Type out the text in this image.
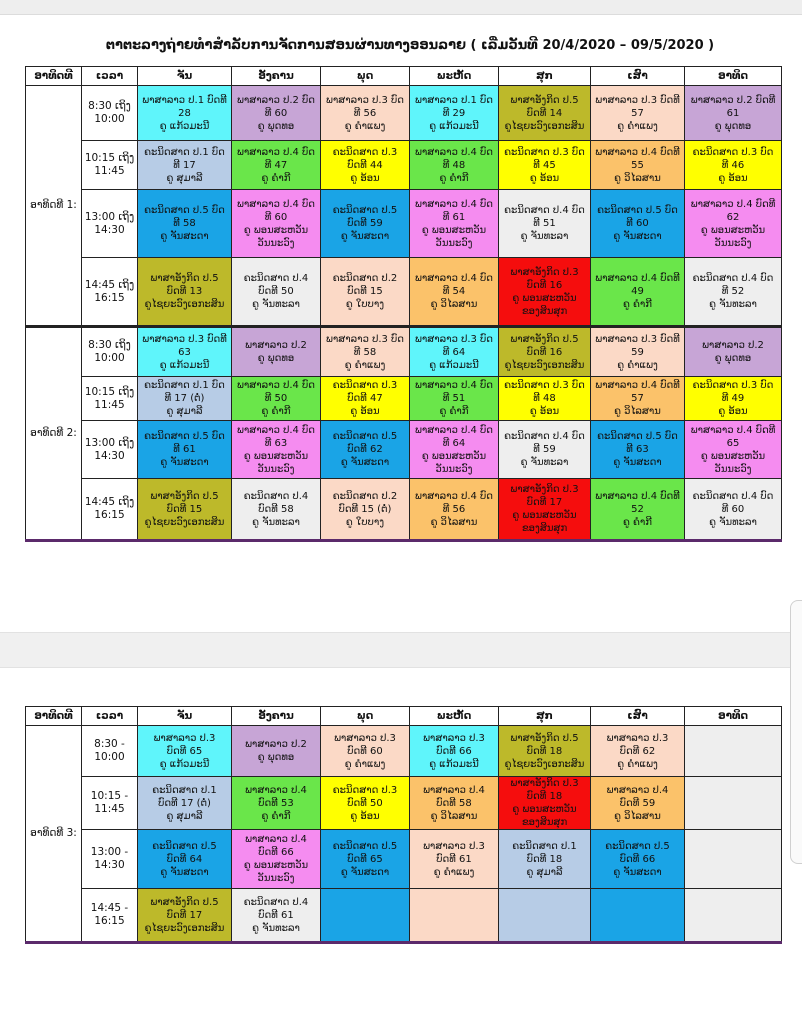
ຕາຕະລາງຖ່າຍທຳສຳລັບການຈັດການສອນຜ່ານທາງອອນລາຍ ( ເລີ່ມວັນທີ 20/4/2020 – 09/5/2020 )
ອາທິດທີ	ເວລາ	ຈັນ	ອັງຄານ	ພຸດ	ພະຫັດ	ສຸກ	ເສົາ	ອາທິດ
ອາທິດທີ 1:	8:30 ເຖິງ 10:00	ພາສາລາວ ປ.1 ບົດທີ
28
ຄູ ແກ້ວມະນີ	ພາສາລາວ ປ.2 ບົດ
ທີ 60
ຄູ ພຸດທອ	ພາສາລາວ ປ.3 ບົດ
ທີ 56
ຄູ ຄຳແພງ	ພາສາລາວ ປ.1 ບົດ
ທີ 29
ຄູ ແກ້ວມະນີ	ພາສາອັງກິດ ປ.5
ບົດທີ 14
ຄູໄຊຍະວົງເອກະສິນ	ພາສາລາວ ປ.3 ບົດທີ
57
ຄູ ຄຳແພງ	ພາສາລາວ ປ.2 ບົດທີ
61
ຄູ ພຸດທອ

	10:15 ເຖິງ 11:45	ຄະນິດສາດ ປ.1 ບົດ
ທີ 17
ຄູ ສຸມາລີ	ພາສາລາວ ປ.4 ບົດ
ທີ 47
ຄູ ຄຳກີ	ຄະນິດສາດ ປ.3
ບົດທີ 44
ຄູ ອ້ອນ	ພາສາລາວ ປ.4 ບົດ
ທີ 48
ຄູ ຄຳກີ	ຄະນິດສາດ ປ.3 ບົດ
ທີ 45
ຄູ ອ້ອນ	ພາສາລາວ ປ.4 ບົດທີ
55
ຄູ ວິໄລສານ	ຄະນິດສາດ ປ.3 ບົດ
ທີ 46
ຄູ ອ້ອນ

	13:00 ເຖິງ 14:30	ຄະນິດສາດ ປ.5 ບົດ
ທີ 58
ຄູ ຈັນສະດາ	ພາສາລາວ ປ.4 ບົດ
ທີ 60
ຄູ ພອນສະຫວັນ
ວັນນະວົງ	ຄະນິດສາດ ປ.5
ບົດທີ 59
ຄູ ຈັນສະດາ	ພາສາລາວ ປ.4 ບົດ
ທີ 61
ຄູ ພອນສະຫວັນ
ວັນນະວົງ	ຄະນິດສາດ ປ.4 ບົດ
ທີ 51
ຄູ ຈັນທະລາ	ຄະນິດສາດ ປ.5 ບົດ
ທີ 60
ຄູ ຈັນສະດາ	ພາສາລາວ ປ.4 ບົດທີ
62
ຄູ ພອນສະຫວັນ
ວັນນະວົງ

	14:45 ເຖິງ 16:15	ພາສາອັງກິດ ປ.5
ບົດທີ 13
ຄູໄຊຍະວົງເອກະສິນ	ຄະນິດສາດ ປ.4
ບົດທີ 50
ຄູ ຈັນທະລາ	ຄະນິດສາດ ປ.2
ບົດທີ 15
ຄູ ໃບບາງ	ພາສາລາວ ປ.4 ບົດ
ທີ 54
ຄູ ວິໄລສານ	ພາສາອັງກິດ ປ.3
ບົດທີ 16
ຄູ ພອນສະຫວັນ
ຂອງສິນສຸກ	ພາສາລາວ ປ.4 ບົດທີ
49
ຄູ ຄຳກີ	ຄະນິດສາດ ປ.4 ບົດ
ທີ 52
ຄູ ຈັນທະລາ

ອາທິດທີ 2:	8:30 ເຖິງ 10:00	ພາສາລາວ ປ.3 ບົດທີ
63
ຄູ ແກ້ວມະນີ	ພາສາລາວ ປ.2
ຄູ ພຸດທອ	ພາສາລາວ ປ.3 ບົດ
ທີ 58
ຄູ ຄຳແພງ	ພາສາລາວ ປ.3 ບົດ
ທີ 64
ຄູ ແກ້ວມະນີ	ພາສາອັງກິດ ປ.5
ບົດທີ 16
ຄູໄຊຍະວົງເອກະສິນ	ພາສາລາວ ປ.3 ບົດທີ
59
ຄູ ຄຳແພງ	ພາສາລາວ ປ.2
ຄູ ພຸດທອ

	10:15 ເຖິງ 11:45	ຄະນິດສາດ ປ.1 ບົດ
ທີ 17 (ຕໍ່)
ຄູ ສຸມາລີ	ພາສາລາວ ປ.4 ບົດ
ທີ 50
ຄູ ຄຳກີ	ຄະນິດສາດ ປ.3
ບົດທີ 47
ຄູ ອ້ອນ	ພາສາລາວ ປ.4 ບົດ
ທີ 51
ຄູ ຄຳກີ	ຄະນິດສາດ ປ.3 ບົດ
ທີ 48
ຄູ ອ້ອນ	ພາສາລາວ ປ.4 ບົດທີ
57
ຄູ ວິໄລສານ	ຄະນິດສາດ ປ.3 ບົດ
ທີ 49
ຄູ ອ້ອນ

	13:00 ເຖິງ 14:30	ຄະນິດສາດ ປ.5 ບົດ
ທີ 61
ຄູ ຈັນສະດາ	ພາສາລາວ ປ.4 ບົດ
ທີ 63
ຄູ ພອນສະຫວັນ
ວັນນະວົງ	ຄະນິດສາດ ປ.5
ບົດທີ 62
ຄູ ຈັນສະດາ	ພາສາລາວ ປ.4 ບົດ
ທີ 64
ຄູ ພອນສະຫວັນ
ວັນນະວົງ	ຄະນິດສາດ ປ.4 ບົດ
ທີ 59
ຄູ ຈັນທະລາ	ຄະນິດສາດ ປ.5 ບົດ
ທີ 63
ຄູ ຈັນສະດາ	ພາສາລາວ ປ.4 ບົດທີ
65
ຄູ ພອນສະຫວັນ
ວັນນະວົງ

	14:45 ເຖິງ 16:15	ພາສາອັງກິດ ປ.5
ບົດທີ 15
ຄູໄຊຍະວົງເອກະສິນ	ຄະນິດສາດ ປ.4
ບົດທີ 58
ຄູ ຈັນທະລາ	ຄະນິດສາດ ປ.2
ບົດທີ 15 (ຕໍ່)
ຄູ ໃບບາງ	ພາສາລາວ ປ.4 ບົດ
ທີ 56
ຄູ ວິໄລສານ	ພາສາອັງກິດ ປ.3
ບົດທີ 17
ຄູ ພອນສະຫວັນ
ຂອງສິນສຸກ	ພາສາລາວ ປ.4 ບົດທີ
52
ຄູ ຄຳກີ	ຄະນິດສາດ ປ.4 ບົດ
ທີ 60
ຄູ ຈັນທະລາ
ອາທິດທີ	ເວລາ	ຈັນ	ອັງຄານ	ພຸດ	ພະຫັດ	ສຸກ	ເສົາ	ອາທິດ
ອາທິດທີ 3:	8:30 - 10:00	ພາສາລາວ ປ.3
ບົດທີ 65
ຄູ ແກ້ວມະນີ	ພາສາລາວ ປ.2
ຄູ ພຸດທອ	ພາສາລາວ ປ.3
ບົດທີ 60
ຄູ ຄຳແພງ	ພາສາລາວ ປ.3
ບົດທີ 66
ຄູ ແກ້ວມະນີ	ພາສາອັງກິດ ປ.5
ບົດທີ 18
ຄູໄຊຍະວົງເອກະສິນ	ພາສາລາວ ປ.3
ບົດທີ 62
ຄູ ຄຳແພງ	

	10:15 - 11:45	ຄະນິດສາດ ປ.1
ບົດທີ 17 (ຕໍ່)
ຄູ ສຸມາລີ	ພາສາລາວ ປ.4
ບົດທີ 53
ຄູ ຄຳກີ	ຄະນິດສາດ ປ.3
ບົດທີ 50
ຄູ ອ້ອນ	ພາສາລາວ ປ.4
ບົດທີ 58
ຄູ ວິໄລສານ	ພາສາອັງກິດ ປ.3
ບົດທີ 18
ຄູ ພອນສະຫວັນ
ຂອງສິນສຸກ	ພາສາລາວ ປ.4
ບົດທີ 59
ຄູ ວິໄລສານ	

	13:00 - 14:30	ຄະນິດສາດ ປ.5
ບົດທີ 64
ຄູ ຈັນສະດາ	ພາສາລາວ ປ.4
ບົດທີ 66
ຄູ ພອນສະຫວັນ
ວັນນະວົງ	ຄະນິດສາດ ປ.5
ບົດທີ 65
ຄູ ຈັນສະດາ	ພາສາລາວ ປ.3
ບົດທີ 61
ຄູ ຄຳແພງ	ຄະນິດສາດ ປ.1
ບົດທີ 18
ຄູ ສຸມາລີ	ຄະນິດສາດ ປ.5
ບົດທີ 66
ຄູ ຈັນສະດາ	

	14:45 - 16:15	ພາສາອັງກິດ ປ.5
ບົດທີ 17
ຄູໄຊຍະວົງເອກະສິນ	ຄະນິດສາດ ປ.4
ບົດທີ 61
ຄູ ຈັນທະລາ					
